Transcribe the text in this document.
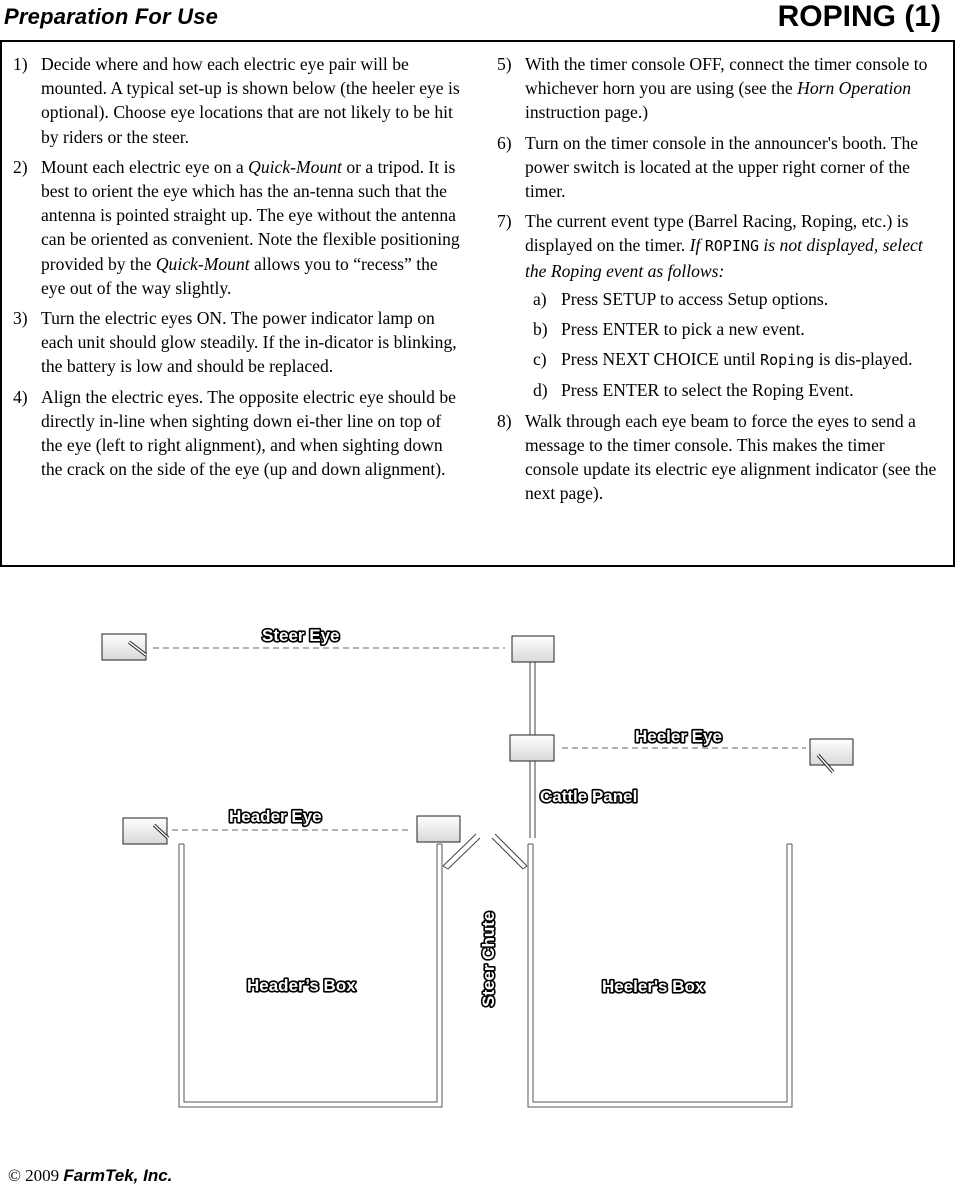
Preparation For Use	ROPING (1)
1) Decide where and how each electric eye pair will be mounted. A typical set-up is shown below (the heeler eye is optional). Choose eye locations that are not likely to be hit by riders or the steer.
2) Mount each electric eye on a Quick-Mount or a tripod. It is best to orient the eye which has the an-tenna such that the antenna is pointed straight up. The eye without the antenna can be oriented as convenient. Note the flexible positioning provided by the Quick-Mount allows you to “recess” the eye out of the way slightly.
3) Turn the electric eyes ON. The power indicator lamp on each unit should glow steadily. If the in-dicator is blinking, the battery is low and should be replaced.
4) Align the electric eyes. The opposite electric eye should be directly in-line when sighting down ei-ther line on top of the eye (left to right alignment), and when sighting down the crack on the side of the eye (up and down alignment).
5) With the timer console OFF, connect the timer console to whichever horn you are using (see the Horn Operation instruction page.)
6) Turn on the timer console in the announcer's booth. The power switch is located at the upper right corner of the timer.
7) The current event type (Barrel Racing, Roping, etc.) is displayed on the timer. If ROPING is not displayed, select the Roping event as follows:
a) Press SETUP to access Setup options.
b) Press ENTER to pick a new event.
c) Press NEXT CHOICE until Roping is dis-played.
d) Press ENTER to select the Roping Event.
8) Walk through each eye beam to force the eyes to send a message to the timer console. This makes the timer console update its electric eye alignment indicator (see the next page).
Steer Eye
Heeler Eye
Cattle Panel
Header Eye
Steer Chute
Header’s Box	Heeler's Box
© 2009 FarmTek, Inc.
